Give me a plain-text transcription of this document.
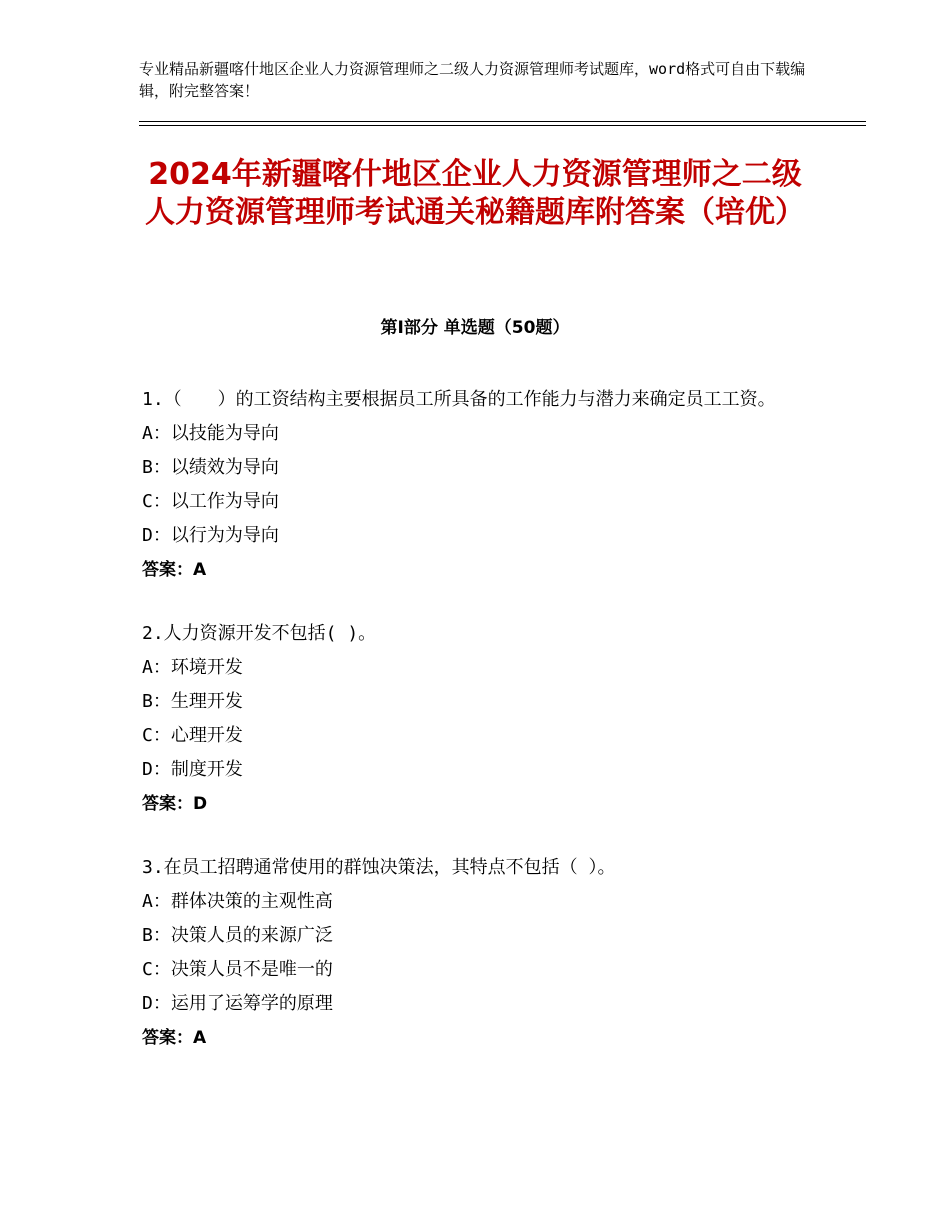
专业精品新疆喀什地区企业人力资源管理师之二级人力资源管理师考试题库，word格式可自由下载编辑，附完整答案！
2024年新疆喀什地区企业人力资源管理师之二级人力资源管理师考试通关秘籍题库附答案（培优）
第Ⅰ部分 单选题（50题）

1.（　　）的工资结构主要根据员工所具备的工作能力与潜力来确定员工工资。

A：以技能为导向

B：以绩效为导向

C：以工作为导向

D：以行为为导向

答案：A

2.人力资源开发不包括( )。

A：环境开发

B：生理开发

C：心理开发

D：制度开发

答案：D

3.在员工招聘通常使用的群蚀决策法，其特点不包括（ ）。

A：群体决策的主观性高

B：决策人员的来源广泛

C：决策人员不是唯一的

D：运用了运筹学的原理

答案：A
